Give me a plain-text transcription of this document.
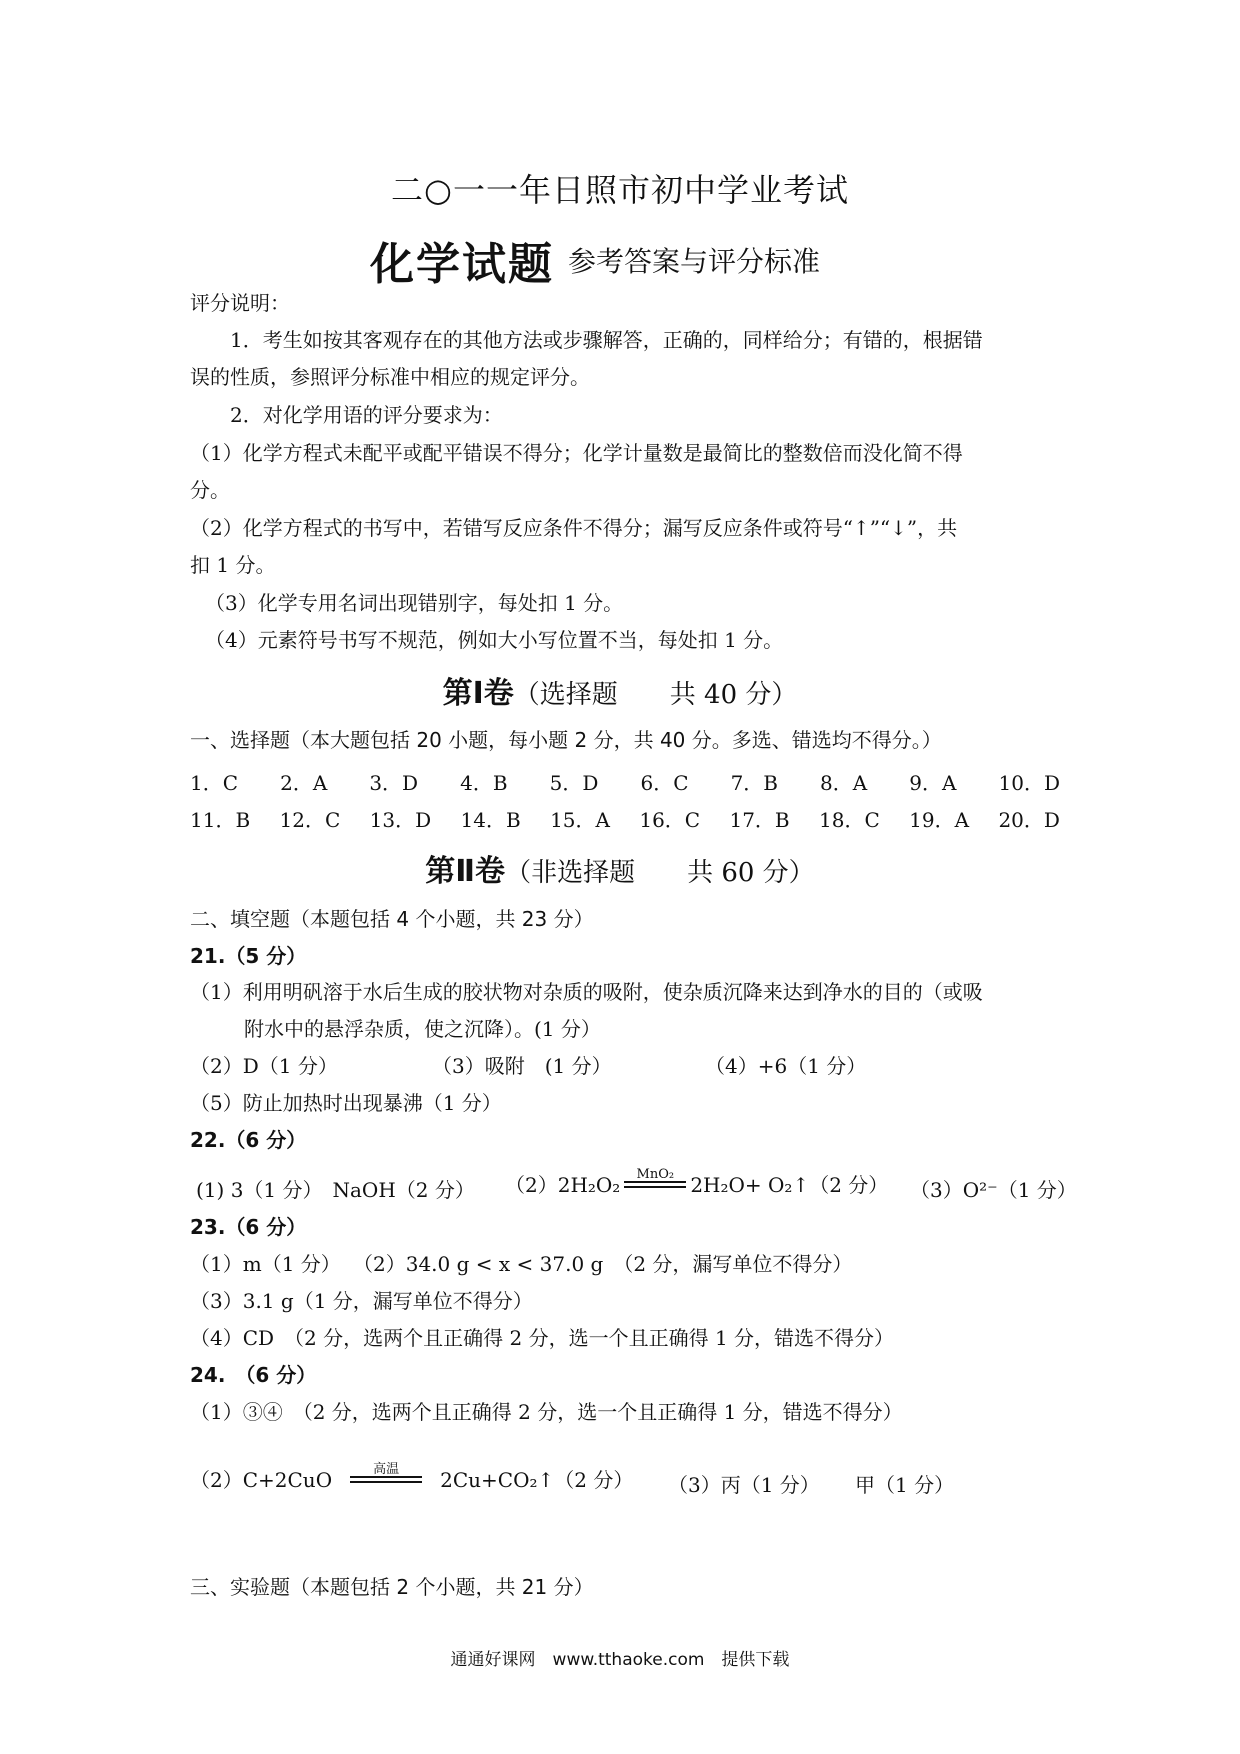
二○一一年日照市初中学业考试
化学试题 参考答案与评分标准
评分说明：
1．考生如按其客观存在的其他方法或步骤解答，正确的，同样给分；有错的，根据错
误的性质，参照评分标准中相应的规定评分。
2．对化学用语的评分要求为：
（1）化学方程式未配平或配平错误不得分；化学计量数是最简比的整数倍而没化简不得
分。
（2）化学方程式的书写中，若错写反应条件不得分；漏写反应条件或符号“↑”“↓”，共
扣 1 分。
（3）化学专用名词出现错别字，每处扣 1 分。
（4）元素符号书写不规范，例如大小写位置不当，每处扣 1 分。
第Ⅰ卷（选择题　　共 40 分）
一、选择题（本大题包括 20 小题，每小题 2 分，共 40 分。多选、错选均不得分。）
1．C 2．A 3．D 4．B 5．D 6．C 7．B 8．A 9．A 10．D
11．B 12．C 13．D 14．B 15．A 16．C 17．B 18．C 19．A 20．D
第Ⅱ卷（非选择题　　共 60 分）
二、填空题（本题包括 4 个小题，共 23 分）
21.（5 分）
（1）利用明矾溶于水后生成的胶状物对杂质的吸附，使杂质沉降来达到净水的目的（或吸
附水中的悬浮杂质，使之沉降）。(1 分）
（2）D（1 分）	（3）吸附　(1 分）	（4）+6（1 分）
（5）防止加热时出现暴沸（1 分）
22.（6 分）
(1) 3（1 分）　NaOH（2 分） （2）2H₂O₂	MnO₂ 2H₂O+ O₂↑（2 分） （3）O²⁻（1 分）
23.（6 分）
（1）m（1 分） （2）34.0 g < x < 37.0 g　（2 分，漏写单位不得分）
（3）3.1 g（1 分，漏写单位不得分）
（4）CD　（2 分，选两个且正确得 2 分，选一个且正确得 1 分，错选不得分）
24.　（6 分）
（1）③④　（2 分，选两个且正确得 2 分，选一个且正确得 1 分，错选不得分）
（2）C+2CuO	高温	2Cu+CO₂↑（2 分） （3）丙（1 分） 甲（1 分）
三、实验题（本题包括 2 个小题，共 21 分）
通通好课网　www.tthaoke.com　提供下载
